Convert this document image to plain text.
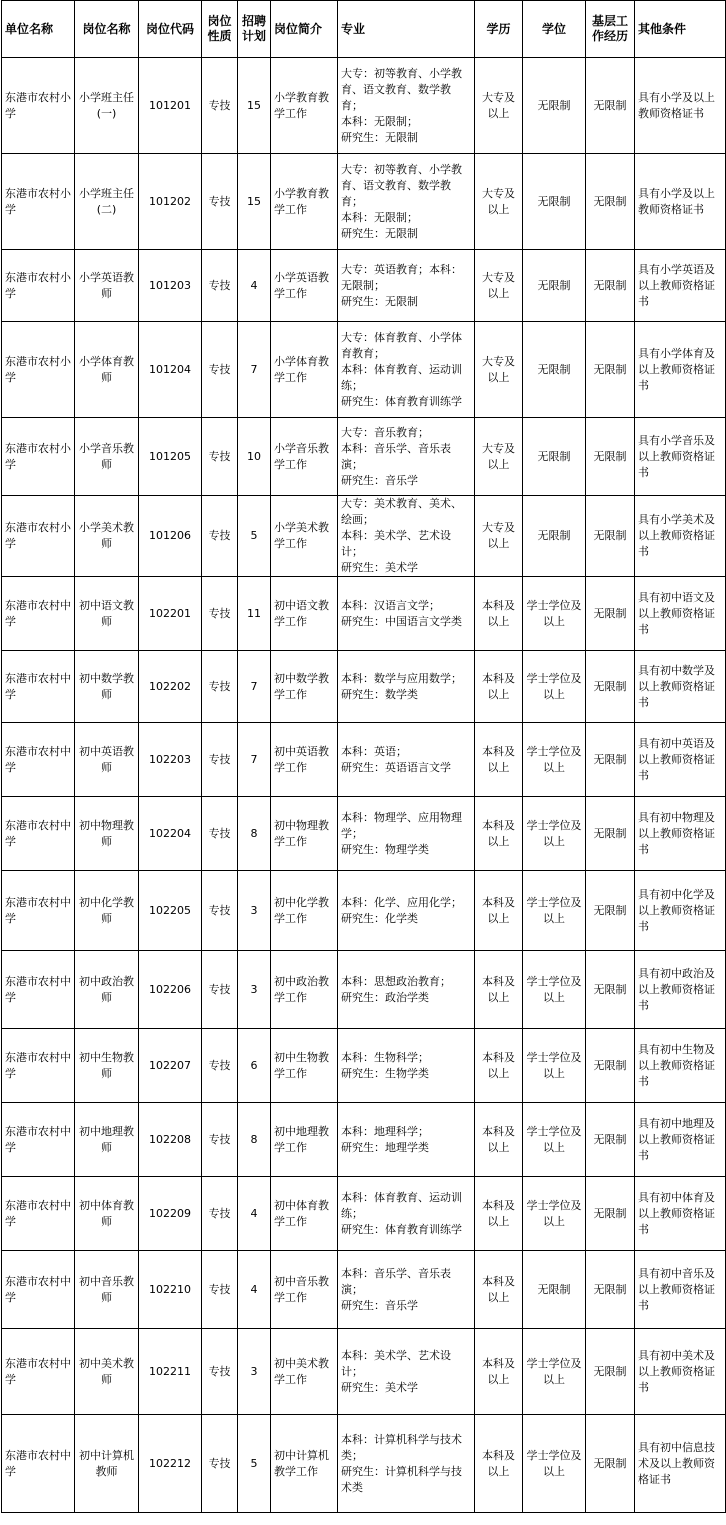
单位名称	岗位名称	岗位代码	岗位性质	招聘计划	岗位简介	专业	学历	学位	基层工作经历	其他条件
东港市农村小学	小学班主任(一)	101201	专技	15	小学教育教学工作	大专：初等教育、小学教育、语文教育、数学教育；
本科：无限制；
研究生：无限制	大专及以上	无限制	无限制	具有小学及以上教师资格证书
东港市农村小学	小学班主任(二)	101202	专技	15	小学教育教学工作	大专：初等教育、小学教育、语文教育、数学教育；
本科：无限制；
研究生：无限制	大专及以上	无限制	无限制	具有小学及以上教师资格证书
东港市农村小学	小学英语教师	101203	专技	4	小学英语教学工作	大专：英语教育；本科：无限制；
研究生：无限制	大专及以上	无限制	无限制	具有小学英语及以上教师资格证书
东港市农村小学	小学体育教师	101204	专技	7	小学体育教学工作	大专：体育教育、小学体育教育；
本科：体育教育、运动训练；
研究生：体育教育训练学	大专及以上	无限制	无限制	具有小学体育及以上教师资格证书
东港市农村小学	小学音乐教师	101205	专技	10	小学音乐教学工作	大专：音乐教育；
本科：音乐学、音乐表演；
研究生：音乐学	大专及以上	无限制	无限制	具有小学音乐及以上教师资格证书
东港市农村小学	小学美术教师	101206	专技	5	小学美术教学工作	大专：美术教育、美术、绘画；
本科：美术学、艺术设计；
研究生：美术学	大专及以上	无限制	无限制	具有小学美术及以上教师资格证书
东港市农村中学	初中语文教师	102201	专技	11	初中语文教学工作	本科：汉语言文学；
研究生：中国语言文学类	本科及以上	学士学位及以上	无限制	具有初中语文及以上教师资格证书
东港市农村中学	初中数学教师	102202	专技	7	初中数学教学工作	本科：数学与应用数学；
研究生：数学类	本科及以上	学士学位及以上	无限制	具有初中数学及以上教师资格证书
东港市农村中学	初中英语教师	102203	专技	7	初中英语教学工作	本科：英语；
研究生：英语语言文学	本科及以上	学士学位及以上	无限制	具有初中英语及以上教师资格证书
东港市农村中学	初中物理教师	102204	专技	8	初中物理教学工作	本科：物理学、应用物理学；
研究生：物理学类	本科及以上	学士学位及以上	无限制	具有初中物理及以上教师资格证书
东港市农村中学	初中化学教师	102205	专技	3	初中化学教学工作	本科：化学、应用化学；
研究生：化学类	本科及以上	学士学位及以上	无限制	具有初中化学及以上教师资格证书
东港市农村中学	初中政治教师	102206	专技	3	初中政治教学工作	本科：思想政治教育；
研究生：政治学类	本科及以上	学士学位及以上	无限制	具有初中政治及以上教师资格证书
东港市农村中学	初中生物教师	102207	专技	6	初中生物教学工作	本科：生物科学；
研究生：生物学类	本科及以上	学士学位及以上	无限制	具有初中生物及以上教师资格证书
东港市农村中学	初中地理教师	102208	专技	8	初中地理教学工作	本科：地理科学；
研究生：地理学类	本科及以上	学士学位及以上	无限制	具有初中地理及以上教师资格证书
东港市农村中学	初中体育教师	102209	专技	4	初中体育教学工作	本科：体育教育、运动训练；
研究生：体育教育训练学	本科及以上	学士学位及以上	无限制	具有初中体育及以上教师资格证书
东港市农村中学	初中音乐教师	102210	专技	4	初中音乐教学工作	本科：音乐学、音乐表演；
研究生：音乐学	本科及以上	无限制	无限制	具有初中音乐及以上教师资格证书
东港市农村中学	初中美术教师	102211	专技	3	初中美术教学工作	本科：美术学、艺术设计；
研究生：美术学	本科及以上	学士学位及以上	无限制	具有初中美术及以上教师资格证书
东港市农村中学	初中计算机教师	102212	专技	5	初中计算机教学工作	本科：计算机科学与技术类；
研究生：计算机科学与技术类	本科及以上	学士学位及以上	无限制	具有初中信息技术及以上教师资格证书
